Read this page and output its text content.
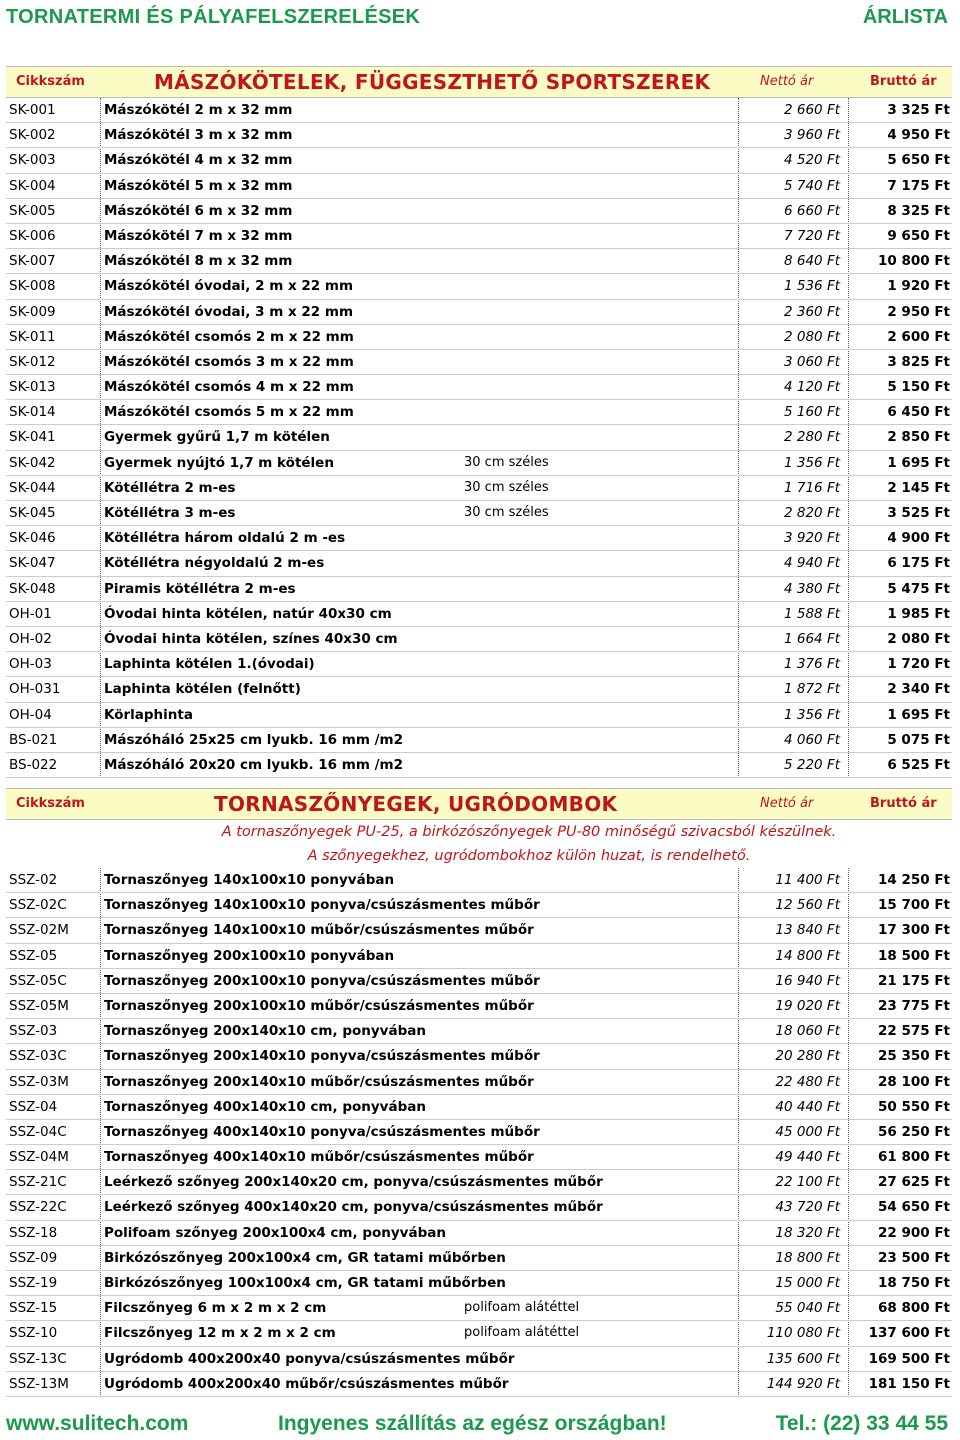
TORNATERMI ÉS PÁLYAFELSZERELÉSEK	ÁRLISTA
Cikkszám	MÁSZÓKÖTELEK, FÜGGESZTHETŐ SPORTSZEREK	Nettó ár	Bruttó ár
SK-001	Mászókötél 2 m x 32 mm	2 660 Ft	3 325 Ft
SK-002	Mászókötél 3 m x 32 mm	3 960 Ft	4 950 Ft
SK-003	Mászókötél 4 m x 32 mm	4 520 Ft	5 650 Ft
SK-004	Mászókötél 5 m x 32 mm	5 740 Ft	7 175 Ft
SK-005	Mászókötél 6 m x 32 mm	6 660 Ft	8 325 Ft
SK-006	Mászókötél 7 m x 32 mm	7 720 Ft	9 650 Ft
SK-007	Mászókötél 8 m x 32 mm	8 640 Ft	10 800 Ft
SK-008	Mászókötél óvodai, 2 m x 22 mm	1 536 Ft	1 920 Ft
SK-009	Mászókötél óvodai, 3 m x 22 mm	2 360 Ft	2 950 Ft
SK-011	Mászókötél csomós 2 m x 22 mm	2 080 Ft	2 600 Ft
SK-012	Mászókötél csomós 3 m x 22 mm	3 060 Ft	3 825 Ft
SK-013	Mászókötél csomós 4 m x 22 mm	4 120 Ft	5 150 Ft
SK-014	Mászókötél csomós 5 m x 22 mm	5 160 Ft	6 450 Ft
SK-041	Gyermek gyűrű 1,7 m kötélen	2 280 Ft	2 850 Ft
SK-042	Gyermek nyújtó 1,7 m kötélen	30 cm széles	1 356 Ft	1 695 Ft
SK-044	Kötéllétra 2 m-es	30 cm széles	1 716 Ft	2 145 Ft
SK-045	Kötéllétra 3 m-es	30 cm széles	2 820 Ft	3 525 Ft
SK-046	Kötéllétra három oldalú 2 m -es	3 920 Ft	4 900 Ft
SK-047	Kötéllétra négyoldalú 2 m-es	4 940 Ft	6 175 Ft
SK-048	Piramis kötéllétra 2 m-es	4 380 Ft	5 475 Ft
OH-01	Óvodai hinta kötélen, natúr 40x30 cm	1 588 Ft	1 985 Ft
OH-02	Óvodai hinta kötélen, színes 40x30 cm	1 664 Ft	2 080 Ft
OH-03	Laphinta kötélen 1.(óvodai)	1 376 Ft	1 720 Ft
OH-031	Laphinta kötélen (felnőtt)	1 872 Ft	2 340 Ft
OH-04	Körlaphinta	1 356 Ft	1 695 Ft
BS-021	Mászóháló 25x25 cm lyukb. 16 mm /m2	4 060 Ft	5 075 Ft
BS-022	Mászóháló 20x20 cm lyukb. 16 mm /m2	5 220 Ft	6 525 Ft
Cikkszám	TORNASZŐNYEGEK, UGRÓDOMBOK	Nettó ár	Bruttó ár
A tornaszőnyegek PU-25, a birkózószőnyegek PU-80 minőségű szivacsból készülnek.
A szőnyegekhez, ugródombokhoz külön huzat, is rendelhető.
SSZ-02	Tornaszőnyeg 140x100x10 ponyvában	11 400 Ft	14 250 Ft
SSZ-02C	Tornaszőnyeg 140x100x10 ponyva/csúszásmentes műbőr	12 560 Ft	15 700 Ft
SSZ-02M	Tornaszőnyeg 140x100x10 műbőr/csúszásmentes műbőr	13 840 Ft	17 300 Ft
SSZ-05	Tornaszőnyeg 200x100x10 ponyvában	14 800 Ft	18 500 Ft
SSZ-05C	Tornaszőnyeg 200x100x10 ponyva/csúszásmentes műbőr	16 940 Ft	21 175 Ft
SSZ-05M	Tornaszőnyeg 200x100x10 műbőr/csúszásmentes műbőr	19 020 Ft	23 775 Ft
SSZ-03	Tornaszőnyeg 200x140x10 cm, ponyvában	18 060 Ft	22 575 Ft
SSZ-03C	Tornaszőnyeg 200x140x10 ponyva/csúszásmentes műbőr	20 280 Ft	25 350 Ft
SSZ-03M	Tornaszőnyeg 200x140x10 műbőr/csúszásmentes műbőr	22 480 Ft	28 100 Ft
SSZ-04	Tornaszőnyeg 400x140x10 cm, ponyvában	40 440 Ft	50 550 Ft
SSZ-04C	Tornaszőnyeg 400x140x10 ponyva/csúszásmentes műbőr	45 000 Ft	56 250 Ft
SSZ-04M	Tornaszőnyeg 400x140x10 műbőr/csúszásmentes műbőr	49 440 Ft	61 800 Ft
SSZ-21C	Leérkező szőnyeg 200x140x20 cm, ponyva/csúszásmentes műbőr	22 100 Ft	27 625 Ft
SSZ-22C	Leérkező szőnyeg 400x140x20 cm, ponyva/csúszásmentes műbőr	43 720 Ft	54 650 Ft
SSZ-18	Polifoam szőnyeg 200x100x4 cm, ponyvában	18 320 Ft	22 900 Ft
SSZ-09	Birkózószőnyeg 200x100x4 cm, GR tatami műbőrben	18 800 Ft	23 500 Ft
SSZ-19	Birkózószőnyeg 100x100x4 cm, GR tatami műbőrben	15 000 Ft	18 750 Ft
SSZ-15	Filcszőnyeg 6 m x 2 m x 2 cm	polifoam alátéttel	55 040 Ft	68 800 Ft
SSZ-10	Filcszőnyeg 12 m x 2 m x 2 cm	polifoam alátéttel	110 080 Ft 137 600 Ft
SSZ-13C	Ugródomb 400x200x40 ponyva/csúszásmentes műbőr	135 600 Ft 169 500 Ft
SSZ-13M	Ugródomb 400x200x40 műbőr/csúszásmentes műbőr	144 920 Ft 181 150 Ft
www.sulitech.com	Ingyenes szállítás az egész országban!	Tel.: (22) 33 44 55
